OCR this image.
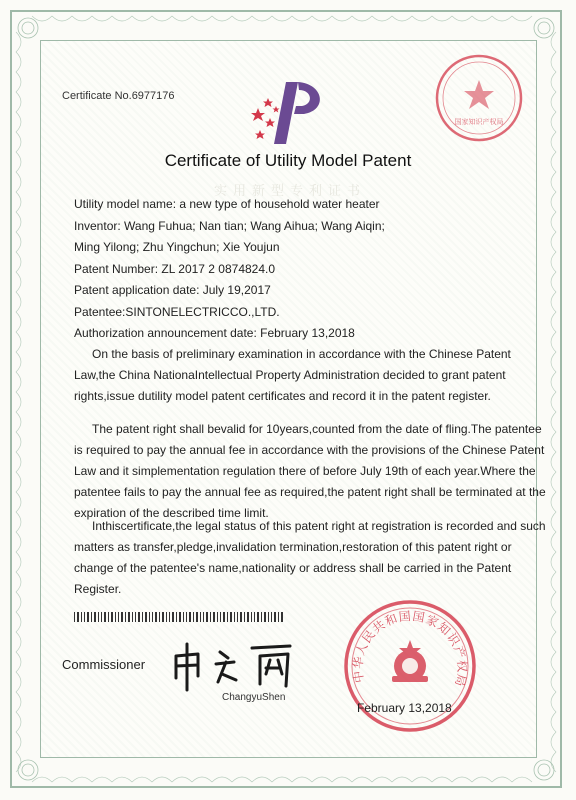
Certificate No.6977176
国家知识产权局
Certificate of Utility Model Patent
实用新型专利证书
Utility model name: a new type of household water heater
Inventor: Wang Fuhua; Nan tian; Wang Aihua; Wang Aiqin;
Ming Yilong; Zhu Yingchun; Xie Youjun
Patent Number: ZL 2017 2 0874824.0
Patent application date: July 19,2017
Patentee:SINTONELECTRICCO.,LTD.
Authorization announcement date: February 13,2018
On the basis of preliminary examination in accordance with the Chinese Patent
Law,the China NationaIntellectual Property Administration decided to grant patent
rights,issue dutility model patent certificates and record it in the patent register.
The patent right shall bevalid for 10years,counted from the date of fling.The patentee
is required to pay the annual fee in accordance with the provisions of the Chinese Patent
Law and it simplementation regulation there of before July 19th of each year.Where the
patentee fails to pay the annual fee as required,the patent right shall be terminated at the
expiration of the described time limit.
Inthiscertificate,the legal status of this patent right at registration is recorded and such
matters as transfer,pledge,invalidation termination,restoration of this patent right or
change of the patentee's name,nationality or address shall be carried in the Patent
Register.
Commissioner
ChangyuShen
中华人民共和国国家知识产权局
February 13,2018
